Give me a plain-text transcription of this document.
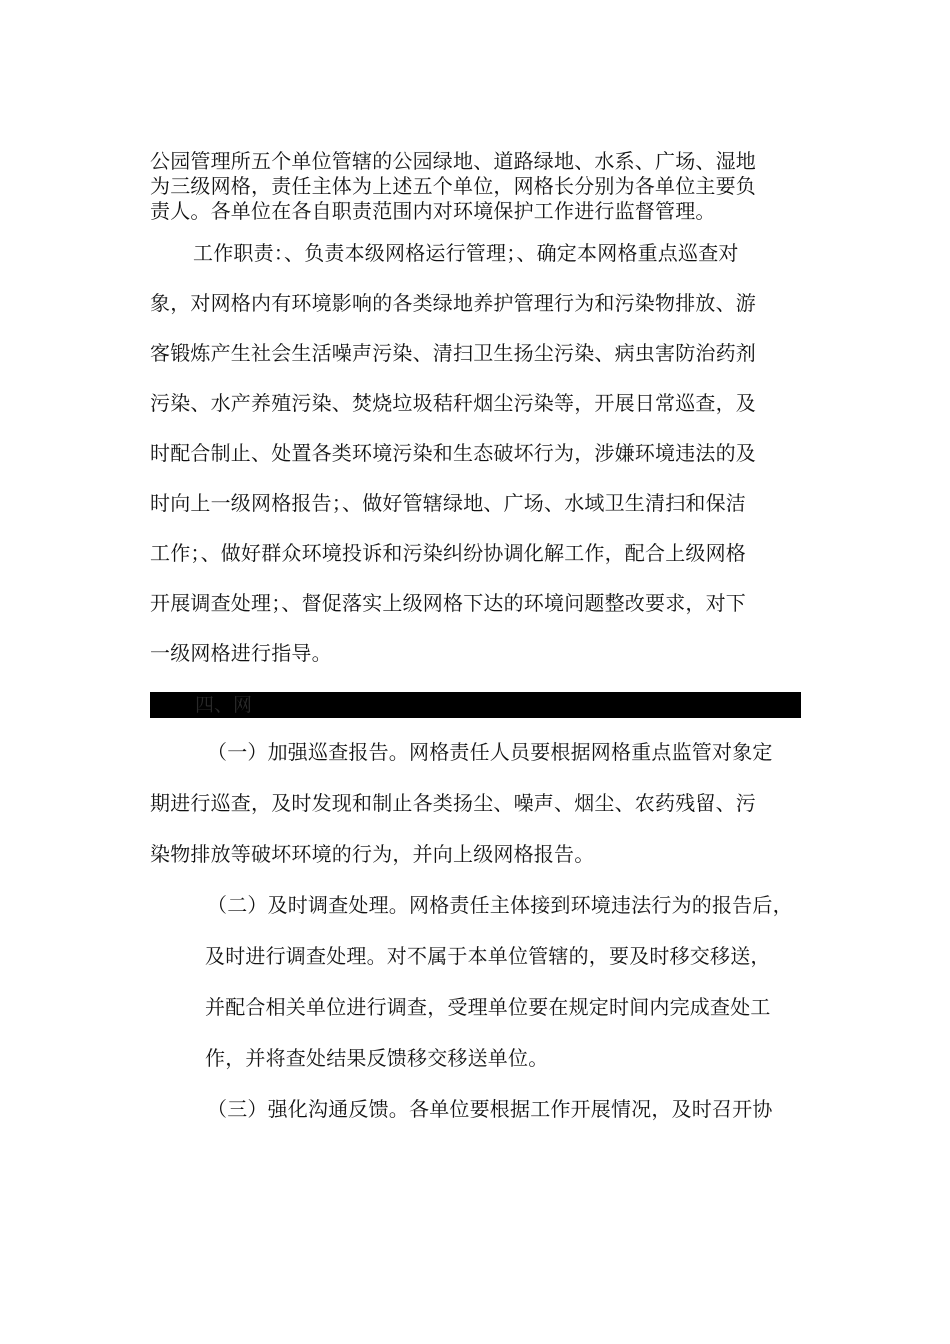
公园管理所五个单位管辖的公园绿地、道路绿地、水系、广场、湿地
为三级网格，责任主体为上述五个单位，网格长分别为各单位主要负
责人。各单位在各自职责范围内对环境保护工作进行监督管理。
工作职责：、负责本级网格运行管理；、确定本网格重点巡查对
象，对网格内有环境影响的各类绿地养护管理行为和污染物排放、游
客锻炼产生社会生活噪声污染、清扫卫生扬尘污染、病虫害防治药剂
污染、水产养殖污染、焚烧垃圾秸秆烟尘污染等，开展日常巡查，及
时配合制止、处置各类环境污染和生态破坏行为，涉嫌环境违法的及
时向上一级网格报告；、做好管辖绿地、广场、水域卫生清扫和保洁
工作；、做好群众环境投诉和污染纠纷协调化解工作，配合上级网格
开展调查处理；、督促落实上级网格下达的环境问题整改要求，对下
一级网格进行指导。
四、网
（一）加强巡查报告。网格责任人员要根据网格重点监管对象定
期进行巡查，及时发现和制止各类扬尘、噪声、烟尘、农药残留、污
染物排放等破坏环境的行为，并向上级网格报告。
（二）及时调查处理。网格责任主体接到环境违法行为的报告后，
及时进行调查处理。对不属于本单位管辖的，要及时移交移送，
并配合相关单位进行调查，受理单位要在规定时间内完成查处工
作，并将查处结果反馈移交移送单位。
（三）强化沟通反馈。各单位要根据工作开展情况，及时召开协
